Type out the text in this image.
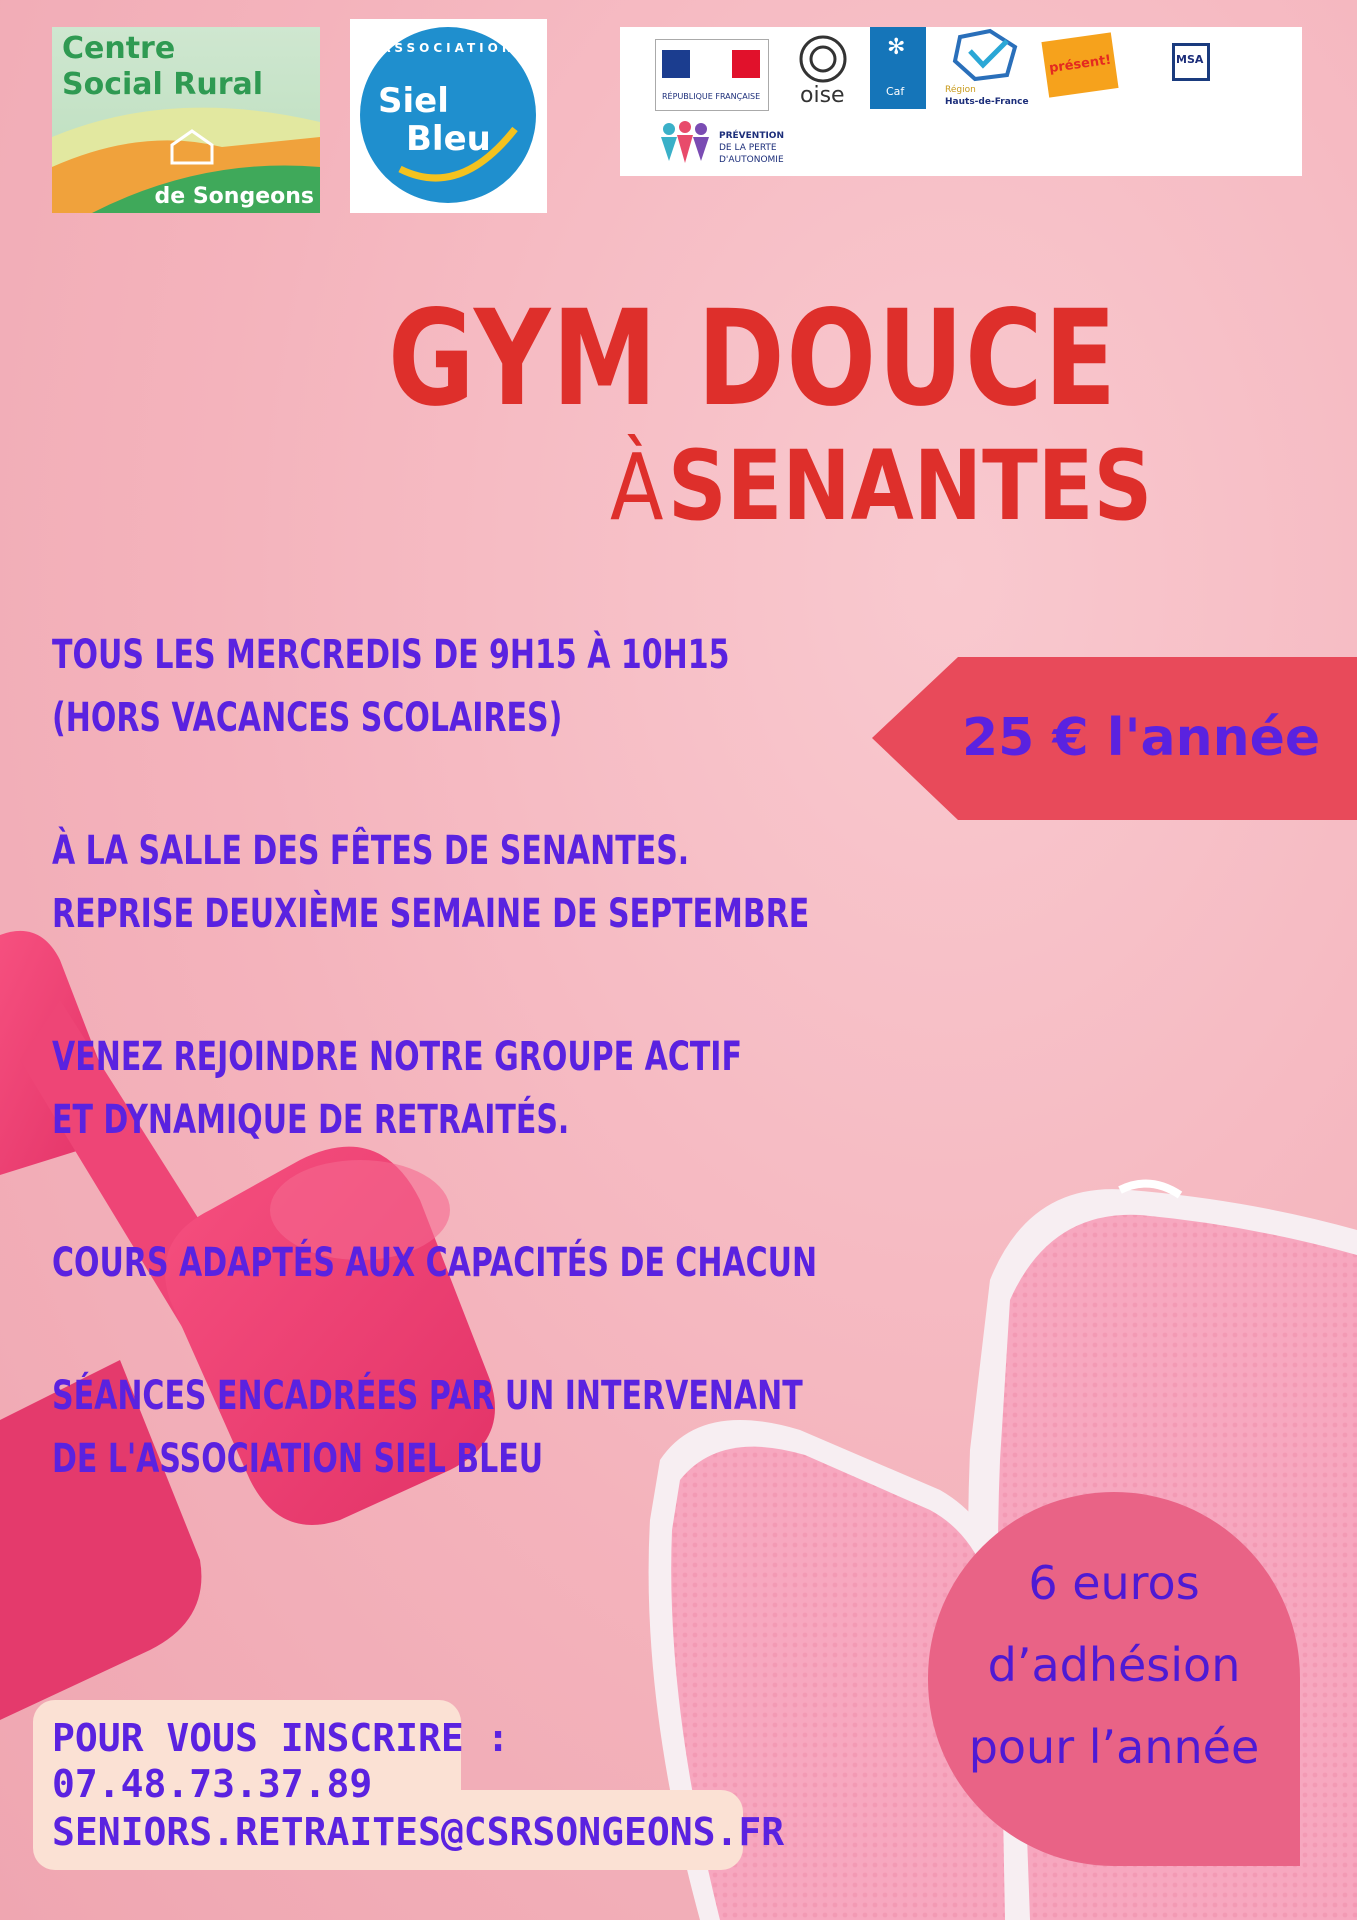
Centre
Social Rural
de Songeons
ASSOCIATION
Siel
Bleu
RÉPUBLIQUE FRANÇAISE oise
✻
Caf	Région
Hauts-de-France
présent!	MSA
PRÉVENTION
DE LA PERTE
D'AUTONOMIE
GYM DOUCE
À SENANTES
TOUS LES MERCREDIS DE 9H15 À 10H15
(HORS VACANCES SCOLAIRES)
À LA SALLE DES FÊTES DE SENANTES.
REPRISE DEUXIÈME SEMAINE DE SEPTEMBRE
VENEZ REJOINDRE NOTRE GROUPE ACTIF
ET DYNAMIQUE DE RETRAITÉS.
COURS ADAPTÉS AUX CAPACITÉS DE CHACUN
SÉANCES ENCADRÉES PAR UN INTERVENANT
DE L'ASSOCIATION SIEL BLEU
25 € l'année
6 euros
d’adhésion
pour l’année
POUR VOUS INSCRIRE :
07.48.73.37.89
SENIORS.RETRAITES@CSRSONGEONS.FR
